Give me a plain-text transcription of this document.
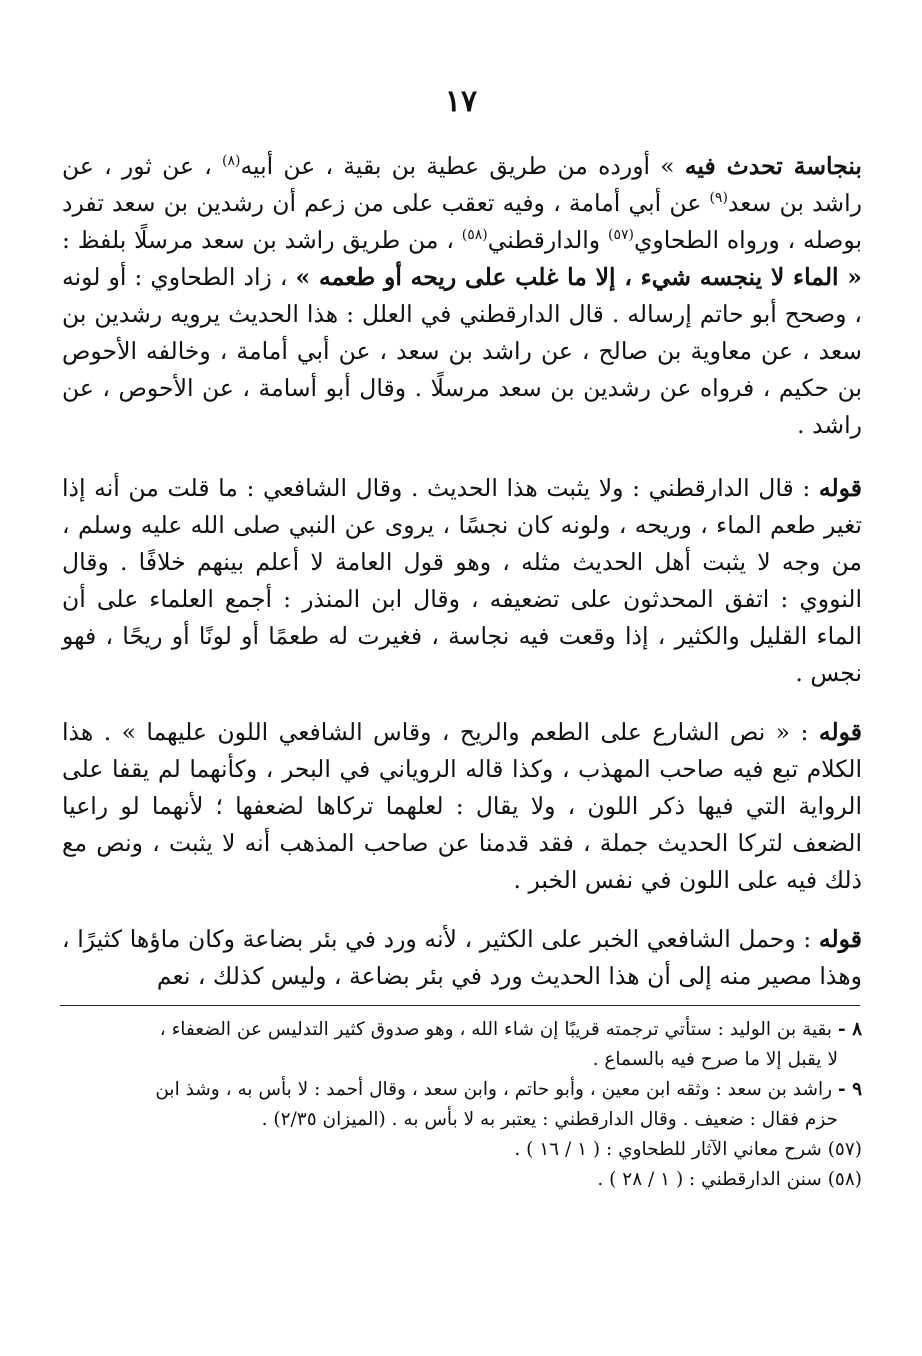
١٧

بنجاسة تحدث فيه » أورده من طريق عطية بن بقية ، عن أبيه$^{(٨)}$ ، عن ثور ، عن راشد بن سعد$^{(٩)}$ عن أبي أمامة ، وفيه تعقب على من زعم أن رشدين بن سعد تفرد بوصله ، ورواه الطحاوي$^{(٥٧)}$ والدارقطني$^{(٥٨)}$ ، من طريق راشد بن سعد مرسلًا بلفظ : « الماء لا ينجسه شيء ، إلا ما غلب على ريحه أو طعمه » ، زاد الطحاوي : أو لونه ، وصحح أبو حاتم إرساله . قال الدارقطني في العلل : هذا الحديث يرويه رشدين بن سعد ، عن معاوية بن صالح ، عن راشد بن سعد ، عن أبي أمامة ، وخالفه الأحوص بن حكيم ، فرواه عن رشدين بن سعد مرسلًا . وقال أبو أسامة ، عن الأحوص ، عن راشد .

قوله : قال الدارقطني : ولا يثبت هذا الحديث . وقال الشافعي : ما قلت من أنه إذا تغير طعم الماء ، وريحه ، ولونه كان نجسًا ، يروى عن النبي صلى الله عليه وسلم ، من وجه لا يثبت أهل الحديث مثله ، وهو قول العامة لا أعلم بينهم خلافًا . وقال النووي : اتفق المحدثون على تضعيفه ، وقال ابن المنذر : أجمع العلماء على أن الماء القليل والكثير ، إذا وقعت فيه نجاسة ، فغيرت له طعمًا أو لونًا أو ريحًا ، فهو نجس .

قوله : « نص الشارع على الطعم والريح ، وقاس الشافعي اللون عليهما » . هذا الكلام تبع فيه صاحب المهذب ، وكذا قاله الروياني في البحر ، وكأنهما لم يقفا على الرواية التي فيها ذكر اللون ، ولا يقال : لعلهما تركاها لضعفها ؛ لأنهما لو راعيا الضعف لتركا الحديث جملة ، فقد قدمنا عن صاحب المذهب أنه لا يثبت ، ونص مع ذلك فيه على اللون في نفس الخبر .

قوله : وحمل الشافعي الخبر على الكثير ، لأنه ورد في بئر بضاعة وكان ماؤها كثيرًا ، وهذا مصير منه إلى أن هذا الحديث ورد في بئر بضاعة ، وليس كذلك ، نعم

٨ - بقية بن الوليد : ستأتي ترجمته قريبًا إن شاء الله ، وهو صدوق كثير التدليس عن الضعفاء ،
لا يقبل إلا ما صرح فيه بالسماع .
٩ - راشد بن سعد : وثقه ابن معين ، وأبو حاتم ، وابن سعد ، وقال أحمد : لا بأس به ، وشذ ابن
حزم فقال : ضعيف . وقال الدارقطني : يعتبر به لا بأس به . (الميزان ٢/٣٥) .
(٥٧) شرح معاني الآثار للطحاوي : ( ١ / ١٦ ) .
(٥٨) سنن الدارقطني : ( ١ / ٢٨ ) .
